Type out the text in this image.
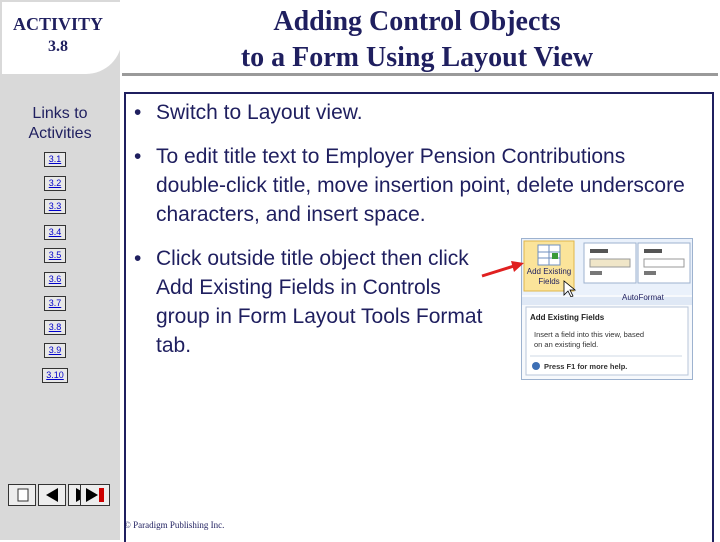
ACTIVITY
3.8
Links to
Activities
3.1
3.2
3.3
3.4
3.5
3.6
3.7
3.8
3.9
3.10
Adding Control Objects
to a Form Using Layout View
• Switch to Layout view.
• To edit title text to Employer Pension Contributions double-click title, move insertion point, delete underscore characters, and insert space.
• Click outside title object then click Add Existing Fields in Controls group in Form Layout Tools Format tab.
Add Existing
Fields
AutoFormat
Add Existing Fields
Insert a field into this view, based
on an existing field.
Press F1 for more help.
© Paradigm Publishing Inc.
